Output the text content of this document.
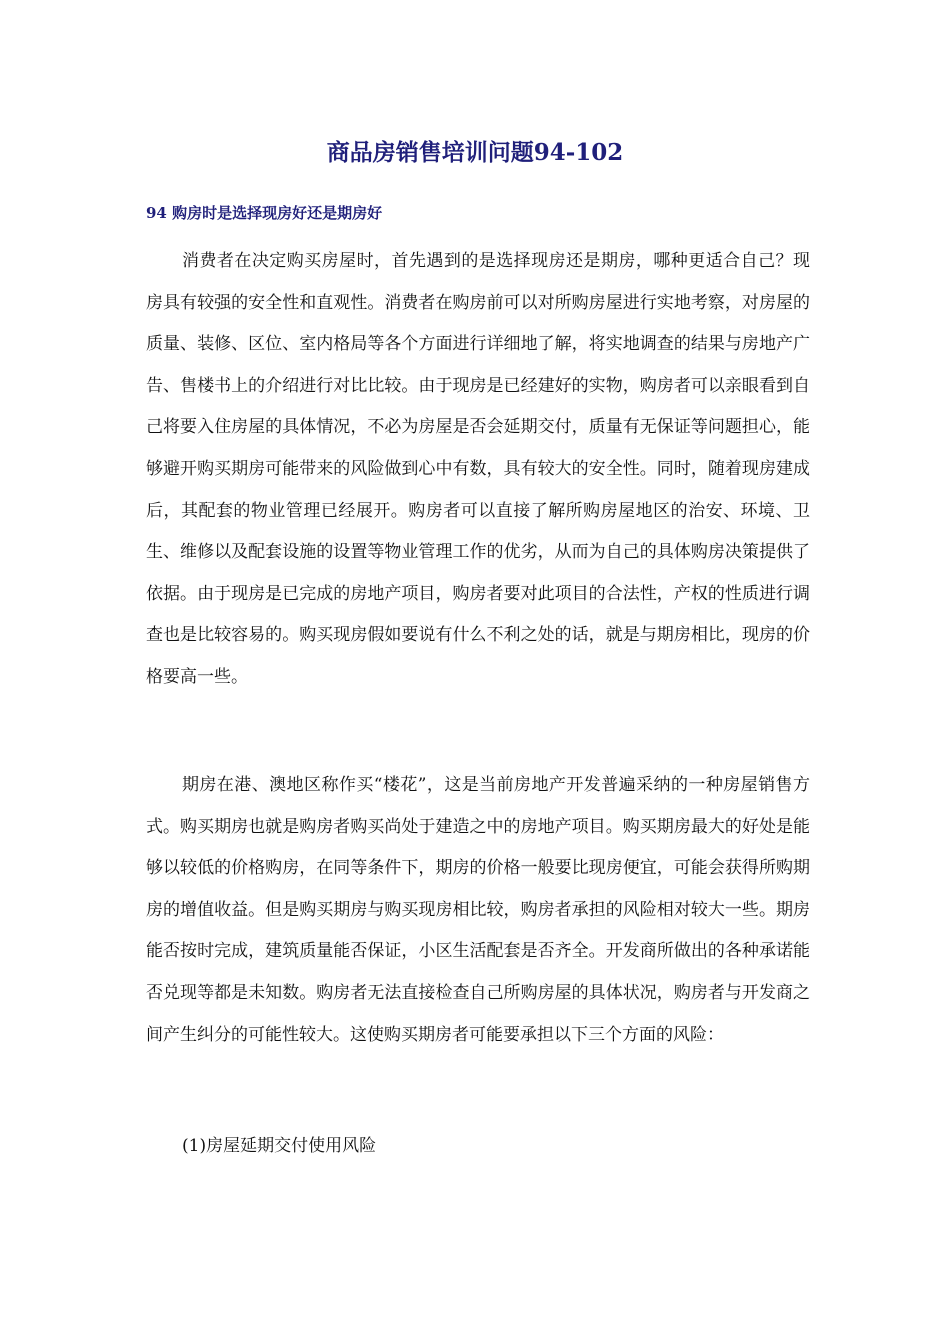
商品房销售培训问题94-102
94 购房时是选择现房好还是期房好

消费者在决定购买房屋时，首先遇到的是选择现房还是期房，哪种更适合自己？现房具有较强的安全性和直观性。消费者在购房前可以对所购房屋进行实地考察，对房屋的质量、装修、区位、室内格局等各个方面进行详细地了解，将实地调查的结果与房地产广告、售楼书上的介绍进行对比比较。由于现房是已经建好的实物，购房者可以亲眼看到自己将要入住房屋的具体情况，不必为房屋是否会延期交付，质量有无保证等问题担心，能够避开购买期房可能带来的风险做到心中有数，具有较大的安全性。同时，随着现房建成后，其配套的物业管理已经展开。购房者可以直接了解所购房屋地区的治安、环境、卫生、维修以及配套设施的设置等物业管理工作的优劣，从而为自己的具体购房决策提供了依据。由于现房是已完成的房地产项目，购房者要对此项目的合法性，产权的性质进行调查也是比较容易的。购买现房假如要说有什么不利之处的话，就是与期房相比，现房的价格要高一些。

期房在港、澳地区称作买“楼花”，这是当前房地产开发普遍采纳的一种房屋销售方式。购买期房也就是购房者购买尚处于建造之中的房地产项目。购买期房最大的好处是能够以较低的价格购房，在同等条件下，期房的价格一般要比现房便宜，可能会获得所购期房的增值收益。但是购买期房与购买现房相比较，购房者承担的风险相对较大一些。期房能否按时完成，建筑质量能否保证，小区生活配套是否齐全。开发商所做出的各种承诺能否兑现等都是未知数。购房者无法直接检查自己所购房屋的具体状况，购房者与开发商之间产生纠分的可能性较大。这使购买期房者可能要承担以下三个方面的风险：

(1)房屋延期交付使用风险
